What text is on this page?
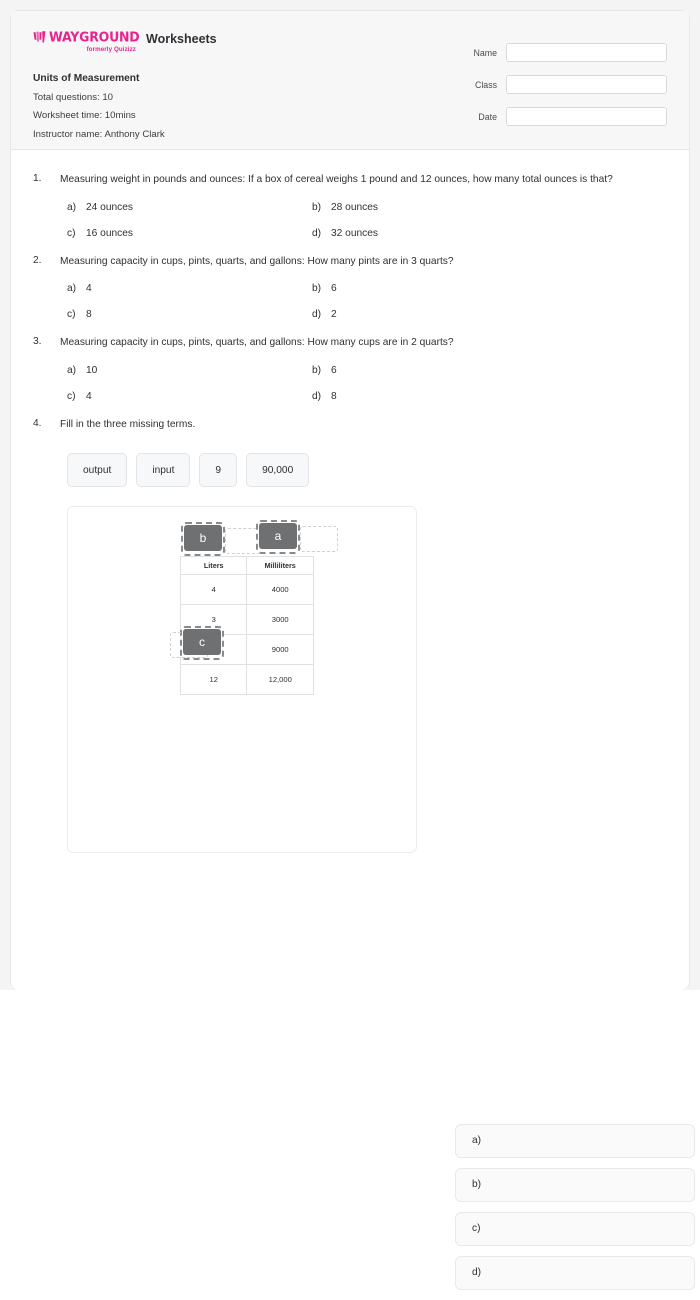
WAYGROUND
formerly Quizizz
Worksheets
Units of Measurement
Total questions: 10
Worksheet time: 10mins
Instructor name: Anthony Clark
Name
Class
Date
1.	Measuring weight in pounds and ounces: If a box of cereal weighs 1 pound and 12 ounces, how many total ounces is that?
a) 24 ounces	b) 28 ounces
c)	16 ounces	d) 32 ounces
2.	Measuring capacity in cups, pints, quarts, and gallons: How many pints are in 3 quarts?
a) 4	b) 6
c)	8	d) 2
3.	Measuring capacity in cups, pints, quarts, and gallons: How many cups are in 2 quarts?
a) 10	b) 6
c)	4	d) 8
4.	Fill in the three missing terms.
output	input	9	90,000
b	a
Liters	Milliliters
4	4000
3	3000
	9000
12	12,000
c
a)
b)
c)
d)
